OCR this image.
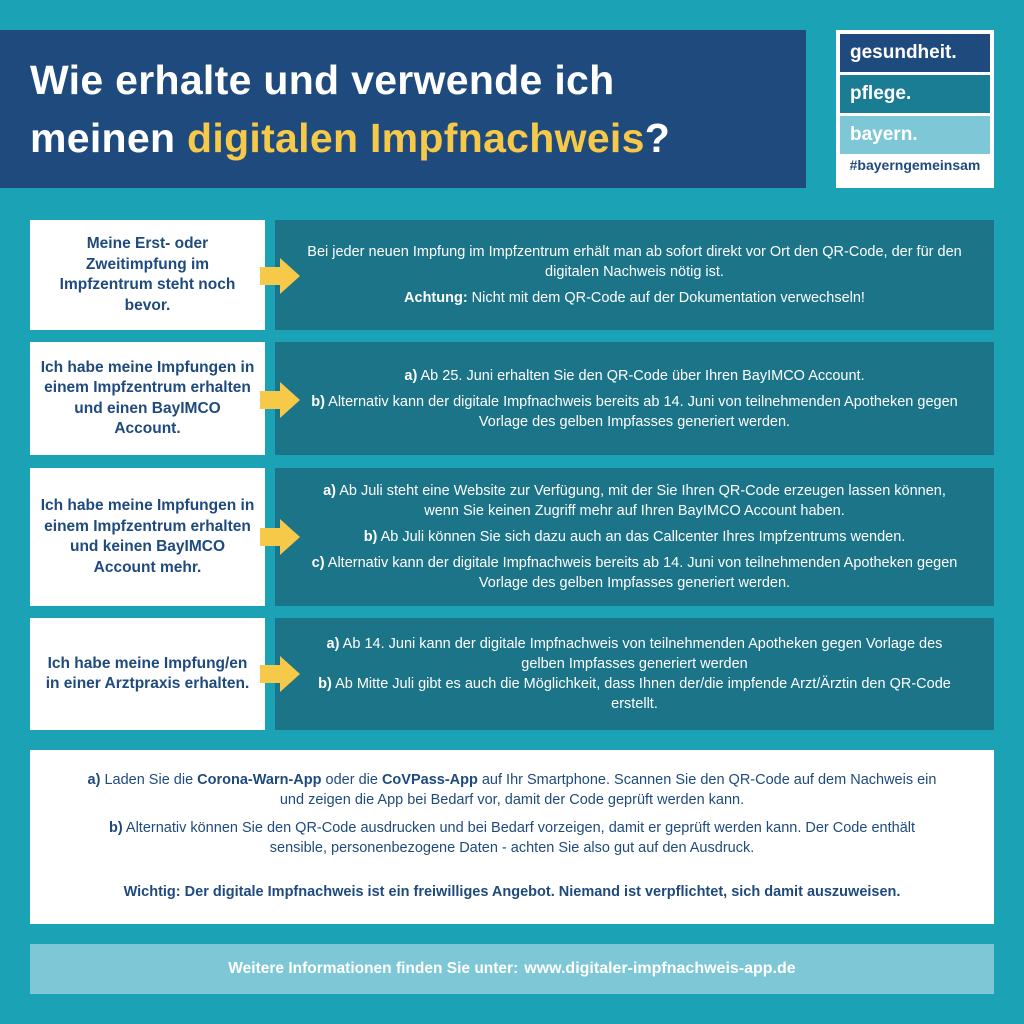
Wie erhalte und verwende ich
meinen digitalen Impfnachweis?
gesundheit.
pflege.
bayern.
#bayerngemeinsam
Meine Erst- oder Zweitimpfung im Impfzentrum steht noch bevor.

Bei jeder neuen Impfung im Impfzentrum erhält man ab sofort direkt vor Ort den QR-Code, der für den digitalen Nachweis nötig ist.

Achtung: Nicht mit dem QR-Code auf der Dokumentation verwechseln!

Ich habe meine Impfungen in einem Impfzentrum erhalten und einen BayIMCO Account.

a) Ab 25. Juni erhalten Sie den QR-Code über Ihren BayIMCO Account.

b) Alternativ kann der digitale Impfnachweis bereits ab 14. Juni von teilnehmenden Apotheken gegen Vorlage des gelben Impfasses generiert werden.

Ich habe meine Impfungen in einem Impfzentrum erhalten und keinen BayIMCO Account mehr.

a) Ab Juli steht eine Website zur Verfügung, mit der Sie Ihren QR-Code erzeugen lassen können, wenn Sie keinen Zugriff mehr auf Ihren BayIMCO Account haben.

b) Ab Juli können Sie sich dazu auch an das Callcenter Ihres Impfzentrums wenden.

c) Alternativ kann der digitale Impfnachweis bereits ab 14. Juni von teilnehmenden Apotheken gegen Vorlage des gelben Impfasses generiert werden.

Ich habe meine Impfung/en in einer Arztpraxis erhalten.

a) Ab 14. Juni kann der digitale Impfnachweis von teilnehmenden Apotheken gegen Vorlage des gelben Impfasses generiert werden

b) Ab Mitte Juli gibt es auch die Möglichkeit, dass Ihnen der/die impfende Arzt/Ärztin den QR-Code erstellt.

a) Laden Sie die Corona-Warn-App oder die CoVPass-App auf Ihr Smartphone. Scannen Sie den QR-Code auf dem Nachweis ein und zeigen die App bei Bedarf vor, damit der Code geprüft werden kann.

b) Alternativ können Sie den QR-Code ausdrucken und bei Bedarf vorzeigen, damit er geprüft werden kann. Der Code enthält sensible, personenbezogene Daten - achten Sie also gut auf den Ausdruck.

Wichtig: Der digitale Impfnachweis ist ein freiwilliges Angebot. Niemand ist verpflichtet, sich damit auszuweisen.

Weitere Informationen finden Sie unter: www.digitaler-impfnachweis-app.de
